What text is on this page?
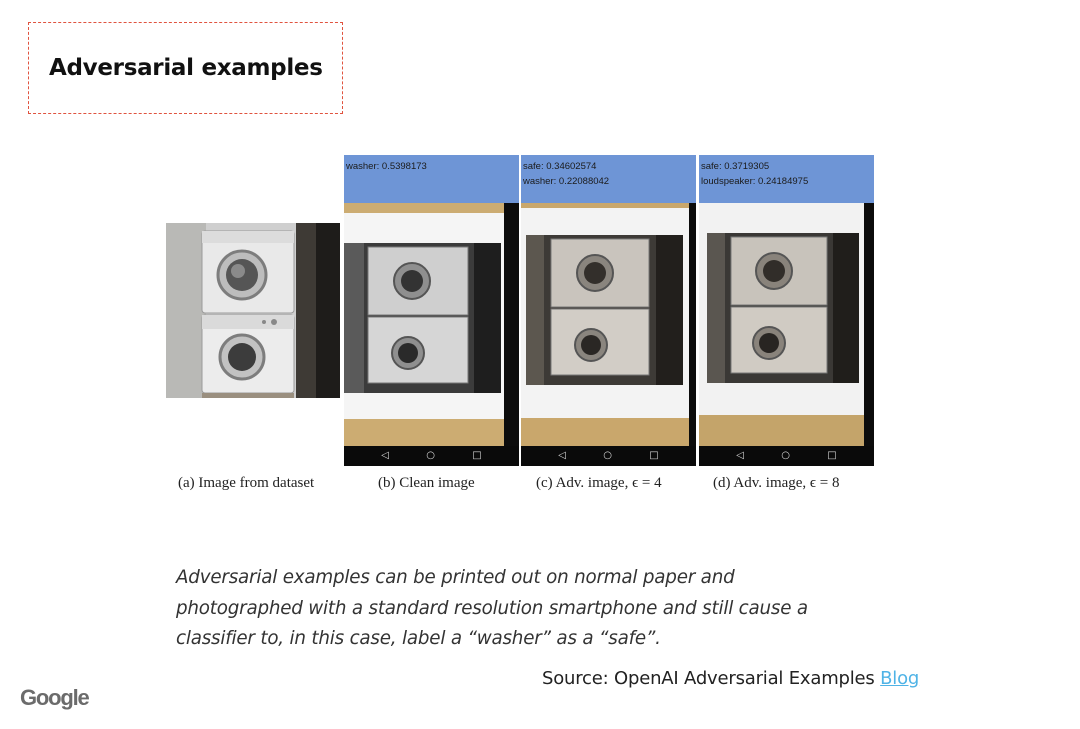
Adversarial examples
washer: 0.5398173
◁	○	□
safe: 0.34602574
washer: 0.22088042
◁	○	□
safe: 0.3719305
loudspeaker: 0.24184975
◁	○	□
(a) Image from dataset	(b) Clean image	(c) Adv. image, ϵ = 4	(d) Adv. image, ϵ = 8
Adversarial examples can be printed out on normal paper and
photographed with a standard resolution smartphone and still cause a
classifier to, in this case, label a “washer” as a “safe”.
Source: OpenAI Adversarial Examples Blog
Google
